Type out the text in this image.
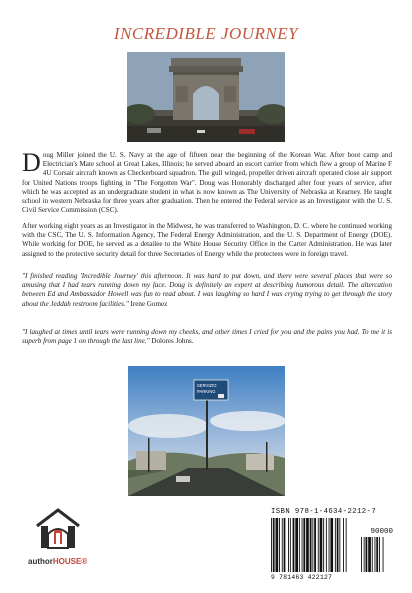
INCREDIBLE JOURNEY
Doug Miller joined the U. S. Navy at the age of fifteen near the beginning of the Korean War. After boot camp and Electrician's Mate school at Great Lakes, Illinois; he served aboard an escort carrier from which flew a group of Marine F 4U Corsair aircraft known as Checkerboard squadron. The gull winged, propeller driven aircraft operated close air support for United Nations troops fighting in "The Forgotten War". Doug was Honorably discharged after four years of service, after which he was accepted as an undergraduate student in what is now known as The University of Nebraska at Kearney. He taught school in western Nebraska for three years after graduation. Then he entered the Federal service as an Investigator with the U. S. Civil Service Commission (CSC).
After working eight years as an Investigator in the Midwest, he was transferred to Washington, D. C. where he continued working with the CSC, The U. S. Information Agency, The Federal Energy Administration, and the U. S. Department of Energy (DOE). While working for DOE, he served as a detailee to the White House Security Office in the Carter Administration. He was later assigned to the protective security detail for three Secretaries of Energy while the protectees were in foreign travel.
"I finished reading 'Incredible Journey' this afternoon. It was hard to put down, and there were several places that were so amusing that I had tears running down my face. Doug is definitely an expert at describing humorous detail. The altercation between Ed and Ambassador Howell was fun to read about. I was laughing so hard I was crying trying to get through the story about the Jeddah restroom facilities." Irene Gomez
"I laughed at times until tears were running down my cheeks, and other times I cried for you and the pains you had. To me it is superb from page 1 on through the last line." Dolores Johns.
SERVIZIO
PARKING
ISBN 978-1-4634-2212-7
90000
9 781463 422127
authorHOUSE®
